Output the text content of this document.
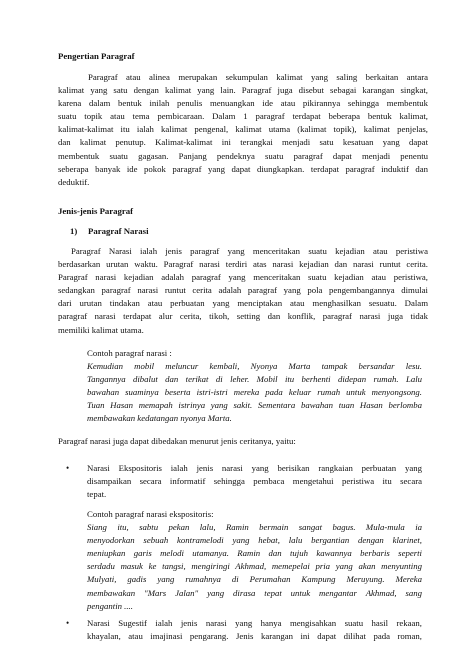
Pengertian Paragraf
Paragraf atau alinea merupakan sekumpulan kalimat yang saling berkaitan antara
kalimat yang satu dengan kalimat yang lain. Paragraf juga disebut sebagai karangan singkat,
karena dalam bentuk inilah penulis menuangkan ide atau pikirannya sehingga membentuk
suatu topik atau tema pembicaraan. Dalam 1 paragraf terdapat beberapa bentuk kalimat,
kalimat-kalimat itu ialah kalimat pengenal, kalimat utama (kalimat topik), kalimat penjelas,
dan kalimat penutup. Kalimat-kalimat ini terangkai menjadi satu kesatuan yang dapat
membentuk suatu gagasan. Panjang pendeknya suatu paragraf dapat menjadi penentu
seberapa banyak ide pokok paragraf yang dapat diungkapkan. terdapat paragraf induktif dan
deduktif.
Jenis-jenis Paragraf
1) Paragraf Narasi
Paragraf Narasi ialah jenis paragraf yang menceritakan suatu kejadian atau peristiwa
berdasarkan urutan waktu. Paragraf narasi terdiri atas narasi kejadian dan narasi runtut cerita.
Paragraf narasi kejadian adalah paragraf yang menceritakan suatu kejadian atau peristiwa,
sedangkan paragraf narasi runtut cerita adalah paragraf yang pola pengembangannya dimulai
dari urutan tindakan atau perbuatan yang menciptakan atau menghasilkan sesuatu. Dalam
paragraf narasi terdapat alur cerita, tikoh, setting dan konflik, paragraf narasi juga tidak
memiliki kalimat utama.
Contoh paragraf narasi :
Kemudian mobil meluncur kembali, Nyonya Marta tampak bersandar lesu.
Tangannya dibalut dan terikat di leher. Mobil itu berhenti didepan rumah. Lalu
bawahan suaminya beserta istri-istri mereka pada keluar rumah untuk menyongsong.
Tuan Hasan memapah istrinya yang sakit. Sementara bawahan tuan Hasan berlomba
membawakan kedatangan nyonya Marta.
Paragraf narasi juga dapat dibedakan menurut jenis ceritanya, yaitu:
• Narasi Ekspositoris ialah jenis narasi yang berisikan rangkaian perbuatan yang
disampaikan secara informatif sehingga pembaca mengetahui peristiwa itu secara
tepat.
Contoh paragraf narasi ekspositoris:
Siang itu, sabtu pekan lalu, Ramin bermain sangat bagus. Mula-mula ia
menyodorkan sebuah kontramelodi yang hebat, lalu bergantian dengan klarinet,
meniupkan garis melodi utamanya. Ramin dan tujuh kawannya berbaris seperti
serdadu masuk ke tangsi, mengiringi Akhmad, memepelai pria yang akan menyunting
Mulyati, gadis yang rumahnya di Perumahan Kampung Meruyung. Mereka
membawakan "Mars Jalan" yang dirasa tepat untuk mengantar Akhmad, sang
pengantin ....
• Narasi Sugestif ialah jenis narasi yang hanya mengisahkan suatu hasil rekaan,
khayalan, atau imajinasi pengarang. Jenis karangan ini dapat dilihat pada roman,
